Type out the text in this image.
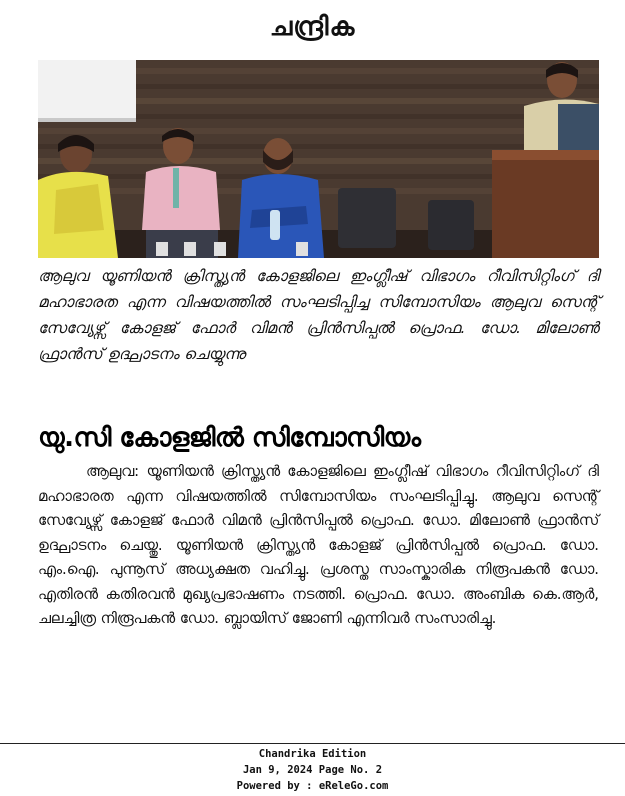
ചന്ദ്രിക

ആലുവ യൂണിയൻ ക്രിസ്ത്യൻ കോളജിലെ ഇംഗ്ലീഷ് വിഭാഗം റീവിസിറ്റിംഗ് ദി മഹാഭാരത എന്ന വിഷയത്തിൽ സംഘടിപ്പിച്ച സിമ്പോസിയം ആലുവ സെന്റ് സേവ്യേഴ്സ് കോളജ് ഫോർ വിമൻ പ്രിൻസിപ്പൽ പ്രൊഫ. ഡോ. മിലോൺ ഫ്രാൻസ് ഉദ്ഘാടനം ചെയ്യുന്നു

യു.സി കോളജിൽ സിമ്പോസിയം

ആലുവ: യൂണിയൻ ക്രിസ്ത്യൻ കോളജിലെ ഇംഗ്ലീഷ് വിഭാഗം റീവിസിറ്റിംഗ് ദി മഹാഭാരത എന്ന വിഷയത്തിൽ സിമ്പോസിയം സംഘടിപ്പിച്ചു. ആലുവ സെന്റ് സേവ്യേഴ്സ് കോളജ് ഫോർ വിമൻ പ്രിൻസിപ്പൽ പ്രൊഫ. ഡോ. മിലോൺ ഫ്രാൻസ് ഉദ്ഘാടനം ചെയ്തു. യൂണിയൻ ക്രിസ്ത്യൻ കോളജ് പ്രിൻസിപ്പൽ പ്രൊഫ. ഡോ. എം.ഐ. പുന്നൂസ് അധ്യക്ഷത വഹിച്ചു. പ്രശസ്ത സാംസ്കാരിക നിരൂപകൻ ഡോ. എതിരൻ കതിരവൻ മുഖ്യപ്രഭാഷണം നടത്തി. പ്രൊഫ. ഡോ. അംബിക കെ.ആർ, ചലച്ചിത്ര നിരൂപകൻ ഡോ. ബ്ലായിസ് ജോണി എന്നിവർ സംസാരിച്ചു.

Chandrika Edition
Jan 9, 2024 Page No. 2
Powered by : eReleGo.com
